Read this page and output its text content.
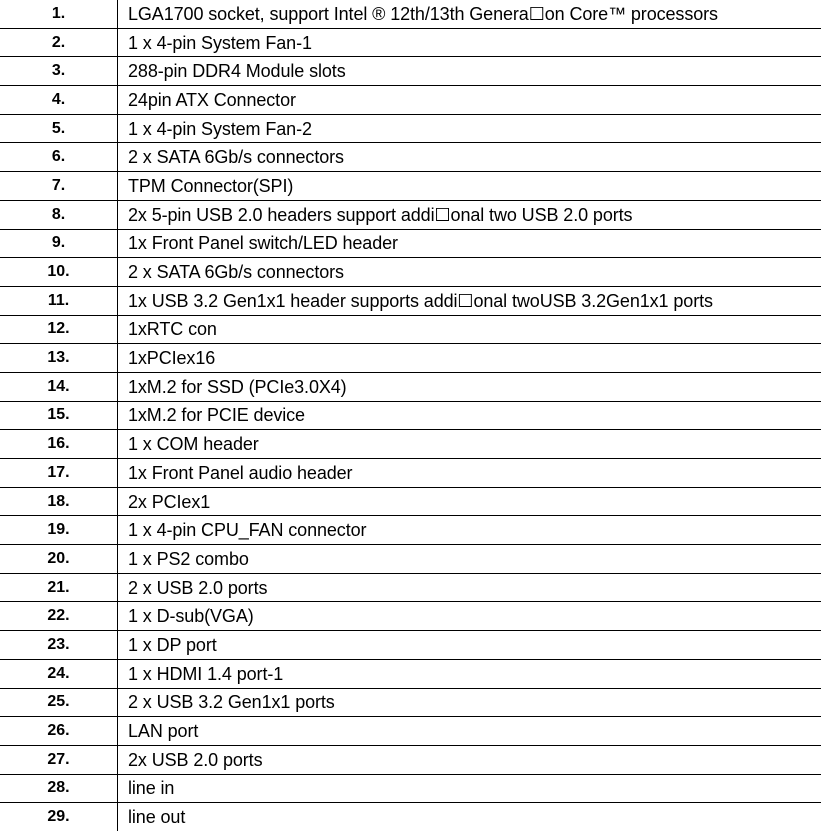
1.	LGA1700 socket, support Intel ® 12th/13th Genera☐on Core™ processors
2.	1 x 4-pin System Fan-1
3.	288-pin DDR4 Module slots
4.	24pin ATX Connector
5.	1 x 4-pin System Fan-2
6.	2 x SATA 6Gb/s connectors
7.	TPM Connector(SPI)
8.	2x 5-pin USB 2.0 headers support addi☐onal two USB 2.0 ports
9.	1x Front Panel switch/LED header
10.	2 x SATA 6Gb/s connectors
11.	1x USB 3.2 Gen1x1 header supports addi☐onal twoUSB 3.2Gen1x1 ports
12.	1xRTC con
13.	1xPCIex16
14.	1xM.2 for SSD (PCIe3.0X4)
15.	1xM.2 for PCIE device
16.	1 x COM header
17.	1x Front Panel audio header
18.	2x PCIex1
19.	1 x 4-pin CPU_FAN connector
20.	1 x PS2 combo
21.	2 x USB 2.0 ports
22.	1 x D-sub(VGA)
23.	1 x DP port
24.	1 x HDMI 1.4 port-1
25.	2 x USB 3.2 Gen1x1 ports
26.	LAN port
27.	2x USB 2.0 ports
28.	line in
29.	line out
